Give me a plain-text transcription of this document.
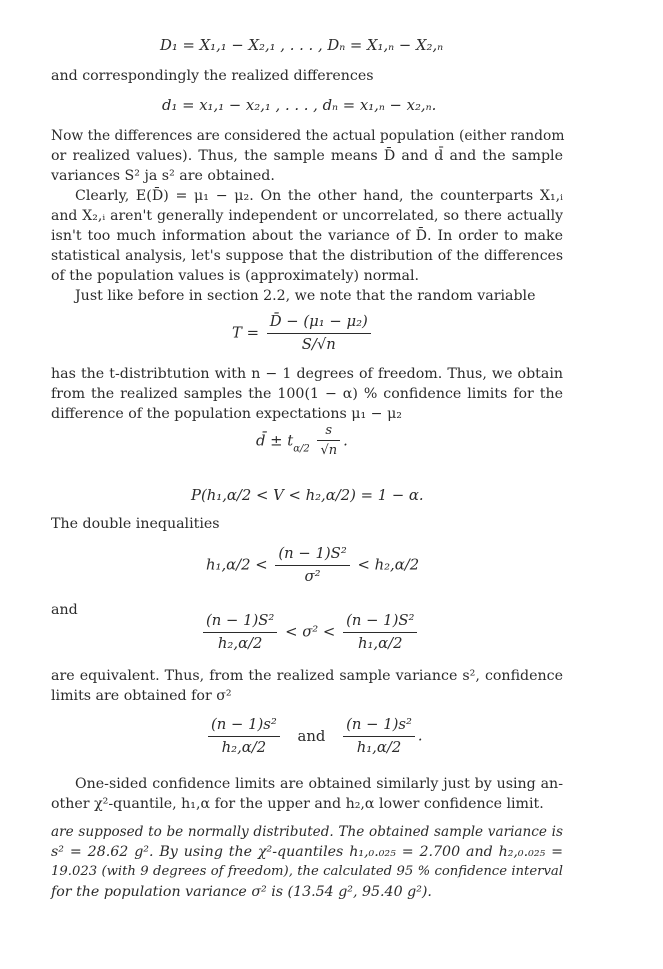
D₁ = X₁,₁ − X₂,₁ , . . . , Dₙ = X₁,ₙ − X₂,ₙ
and correspondingly the realized differences
d₁ = x₁,₁ − x₂,₁ , . . . , dₙ = x₁,ₙ − x₂,ₙ.
Now the differences are considered the actual population (either random
or realized values). Thus, the sample means D̄ and d̄ and the sample
variances S² ja s² are obtained.
Clearly, E(D̄) = μ₁ − μ₂. On the other hand, the counterparts X₁,ᵢ
and X₂,ᵢ aren't generally independent or uncorrelated, so there actually
isn't too much information about the variance of D̄. In order to make
statistical analysis, let's suppose that the distribution of the differences
of the population values is (approximately) normal.
Just like before in section 2.2, we note that the random variable
$T = \frac{\text{D̄ − (μ₁ − μ₂)}}{S/√n}$
has the t-distribtution with n − 1 degrees of freedom. Thus, we obtain
from the realized samples the 100(1 − α) % confidence limits for the
difference of the population expectations μ₁ − μ₂
d̄ ± $t_{\alpha/2} \frac{s}{√n}$ .
P(h₁,α/2 < V < h₂,α/2) = 1 − α.
The double inequalities
$h_1,\alpha/2 < \frac{\text{(n − 1)S²}}{\text{σ²}} < h_2,\alpha/2$
and
$\frac{\text{(n − 1)S²}}{\text{h₂,α/2}} < \sigma^2 < \frac{\text{(n − 1)S²}}{\text{h₁,α/2}}$
are equivalent. Thus, from the realized sample variance s², confidence
limits are obtained for σ²
$\frac{\text{(n − 1)s²}}{\text{h₂,α/2}}$ and $\frac{\text{(n − 1)s²}}{\text{h₁,α/2}}$ .
One-sided confidence limits are obtained similarly just by using an-
other χ²-quantile, h₁,α for the upper and h₂,α lower confidence limit.
are supposed to be normally distributed. The obtained sample variance is
s² = 28.62 g². By using the χ²-quantiles h₁,₀.₀₂₅ = 2.700 and h₂,₀.₀₂₅ =
19.023 (with 9 degrees of freedom), the calculated 95 % confidence interval
for the population variance σ² is (13.54 g², 95.40 g²).
